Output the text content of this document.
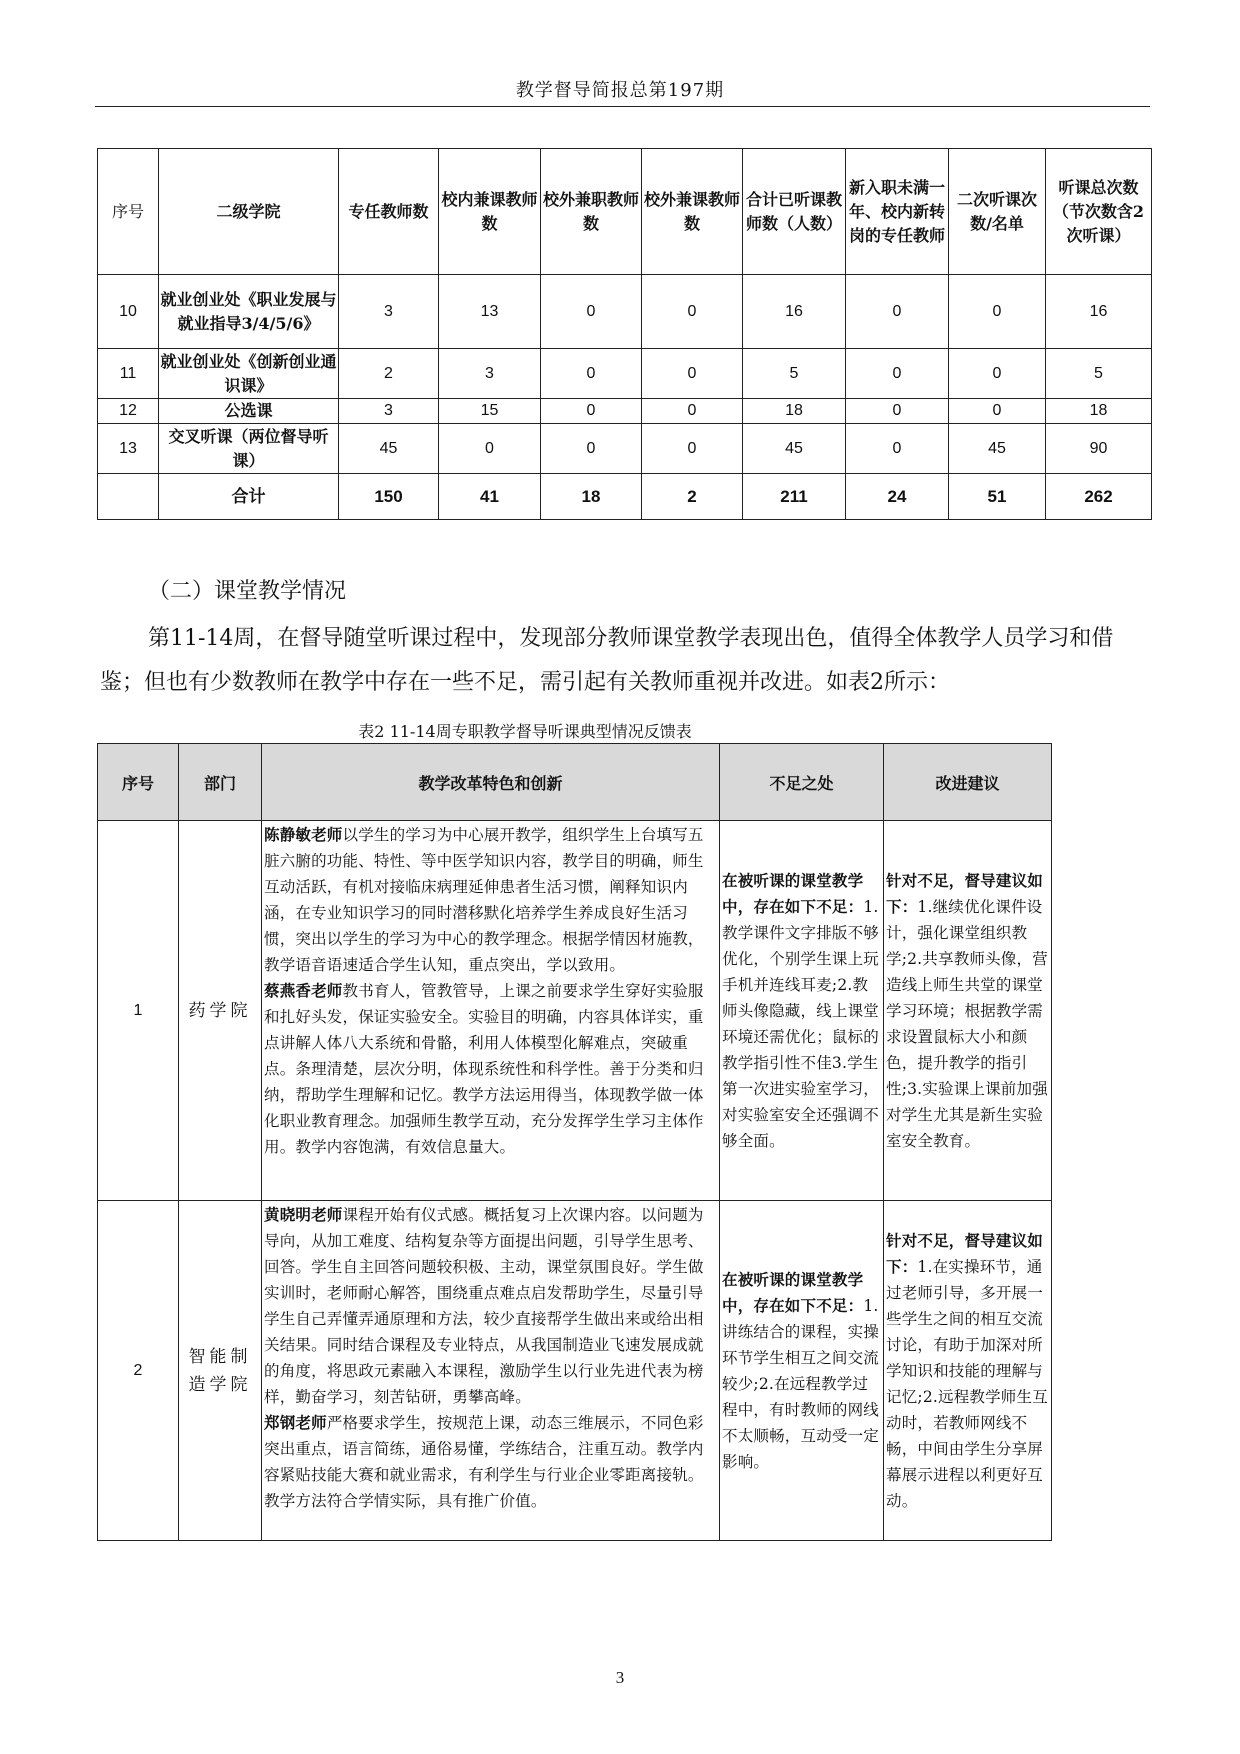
教学督导简报总第197期
序号	二级学院	专任教师数	校内兼课教师数	校外兼职教师数	校外兼课教师数	合计已听课教师数（人数）	新入职未满一年、校内新转岗的专任教师	二次听课次数/名单	听课总次数（节次数含2次听课）
10	就业创业处《职业发展与就业指导3/4/5/6》	3	13	0	0	16	0	0	16
11	就业创业处《创新创业通识课》	2	3	0	0	5	0	0	5
12	公选课	3	15	0	0	18	0	0	18
13	交叉听课（两位督导听课）	45	0	0	0	45	0	45	90
	合计	150	41	18	2	211	24	51	262
（二）课堂教学情况

第11-14周，在督导随堂听课过程中，发现部分教师课堂教学表现出色，值得全体教学人员学习和借鉴；但也有少数教师在教学中存在一些不足，需引起有关教师重视并改进。如表2所示：

表2 11-14周专职教学督导听课典型情况反馈表
序号	部门	教学改革特色和创新	不足之处	改进建议
1	药学院	陈静敏老师以学生的学习为中心展开教学，组织学生上台填写五脏六腑的功能、特性、等中医学知识内容，教学目的明确，师生互动活跃，有机对接临床病理延伸患者生活习惯，阐释知识内涵，在专业知识学习的同时潜移默化培养学生养成良好生活习惯，突出以学生的学习为中心的教学理念。根据学情因材施教，教学语音语速适合学生认知，重点突出，学以致用。
蔡燕香老师教书育人，管教管导，上课之前要求学生穿好实验服和扎好头发，保证实验安全。实验目的明确，内容具体详实，重点讲解人体八大系统和骨骼，利用人体模型化解难点，突破重点。条理清楚，层次分明，体现系统性和科学性。善于分类和归纳，帮助学生理解和记忆。教学方法运用得当，体现教学做一体化职业教育理念。加强师生教学互动，充分发挥学生学习主体作用。教学内容饱满，有效信息量大。	在被听课的课堂教学中，存在如下不足：1.教学课件文字排版不够优化，个别学生课上玩手机并连线耳麦;2.教师头像隐藏，线上课堂环境还需优化；鼠标的教学指引性不佳3.学生第一次进实验室学习，对实验室安全还强调不够全面。	针对不足，督导建议如下：1.继续优化课件设计，强化课堂组织教学;2.共享教师头像，营造线上师生共堂的课堂学习环境；根据教学需求设置鼠标大小和颜色，提升教学的指引性;3.实验课上课前加强对学生尤其是新生实验室安全教育。
2	智能制造学院	黄晓明老师课程开始有仪式感。概括复习上次课内容。以问题为导向，从加工难度、结构复杂等方面提出问题，引导学生思考、回答。学生自主回答问题较积极、主动，课堂氛围良好。学生做实训时，老师耐心解答，围绕重点难点启发帮助学生，尽量引导学生自己弄懂弄通原理和方法，较少直接帮学生做出来或给出相关结果。同时结合课程及专业特点，从我国制造业飞速发展成就的角度，将思政元素融入本课程，激励学生以行业先进代表为榜样，勤奋学习，刻苦钻研，勇攀高峰。
郑钢老师严格要求学生，按规范上课，动态三维展示，不同色彩突出重点，语言简练，通俗易懂，学练结合，注重互动。教学内容紧贴技能大赛和就业需求，有利学生与行业企业零距离接轨。教学方法符合学情实际，具有推广价值。	在被听课的课堂教学中，存在如下不足：1.讲练结合的课程，实操环节学生相互之间交流较少;2.在远程教学过程中，有时教师的网线不太顺畅，互动受一定影响。	针对不足，督导建议如下：1.在实操环节，通过老师引导，多开展一些学生之间的相互交流讨论，有助于加深对所学知识和技能的理解与记忆;2.远程教学师生互动时，若教师网线不畅，中间由学生分享屏幕展示进程以利更好互动。
3
